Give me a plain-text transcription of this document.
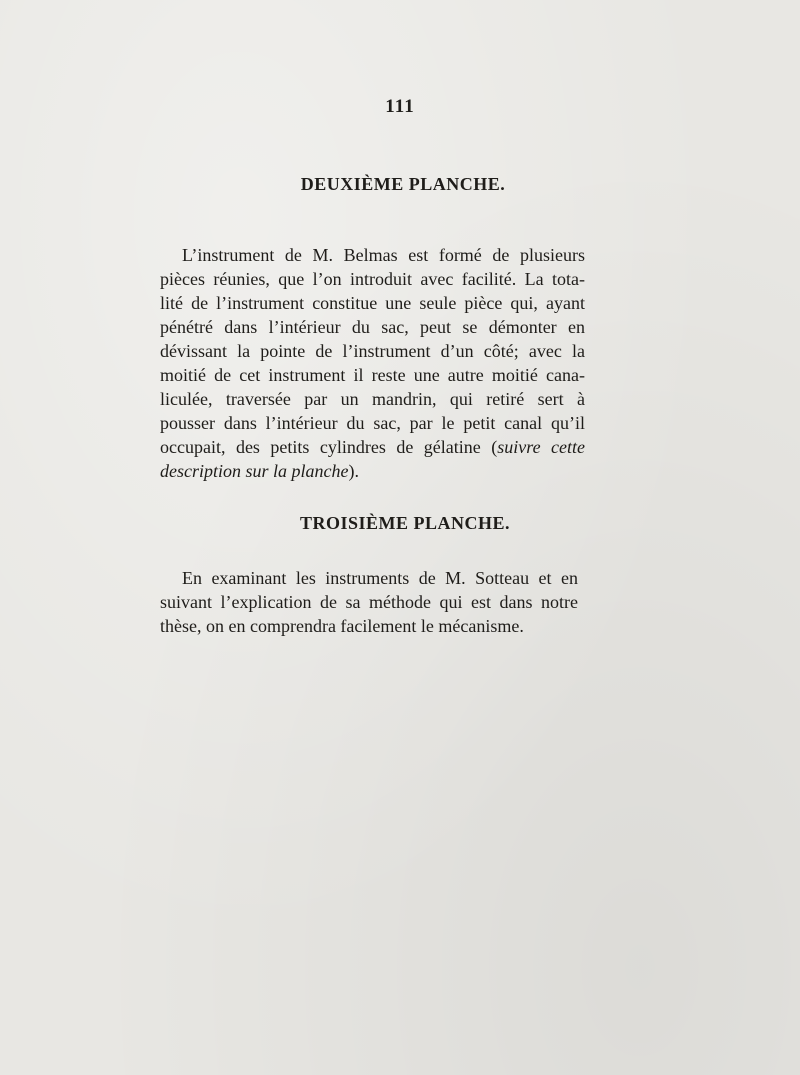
111
DEUXIÈME PLANCHE.
L’instrument de M. Belmas est formé de plusieurs
pièces réunies, que l’on introduit avec facilité. La tota-
lité de l’instrument constitue une seule pièce qui, ayant
pénétré dans l’intérieur du sac, peut se démonter en
dévissant la pointe de l’instrument d’un côté; avec la
moitié de cet instrument il reste une autre moitié cana-
liculée, traversée par un mandrin, qui retiré sert à
pousser dans l’intérieur du sac, par le petit canal qu’il
occupait, des petits cylindres de gélatine (suivre cette
description sur la planche).
TROISIÈME PLANCHE.
En examinant les instruments de M. Sotteau et en
suivant l’explication de sa méthode qui est dans notre
thèse, on en comprendra facilement le mécanisme.
